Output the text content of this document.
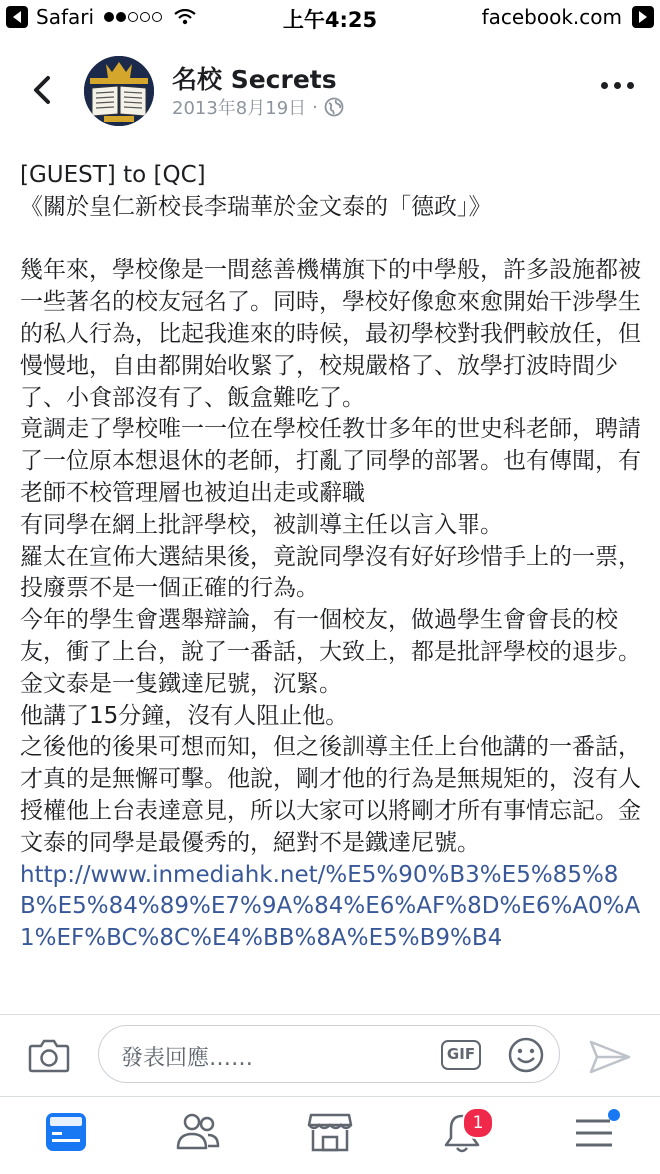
Safari	上午4:25	facebook.com
名校 Secrets
2013年8月19日 ·

[GUEST] to [QC]

《關於皇仁新校長李瑞華於金文泰的「德政」》

幾年來，學校像是一間慈善機構旗下的中學般，許多設施都被一些著名的校友冠名了。同時，學校好像愈來愈開始干涉學生的私人行為，比起我進來的時候，最初學校對我們較放任，但慢慢地，自由都開始收緊了，校規嚴格了、放學打波時間少了、小食部沒有了、飯盒難吃了。

竟調走了學校唯一一位在學校任教廿多年的世史科老師，聘請了一位原本想退休的老師，打亂了同學的部署。也有傳聞，有老師不校管理層也被迫出走或辭職

有同學在網上批評學校，被訓導主任以言入罪。

羅太在宣佈大選結果後，竟說同學沒有好好珍惜手上的一票，投廢票不是一個正確的行為。

今年的學生會選舉辯論，有一個校友，做過學生會會長的校友，衝了上台，說了一番話，大致上，都是批評學校的退步。金文泰是一隻鐵達尼號，沉緊。

他講了15分鐘，沒有人阻止他。

之後他的後果可想而知，但之後訓導主任上台他講的一番話，才真的是無懈可擊。他說，剛才他的行為是無規矩的，沒有人授權他上台表達意見，所以大家可以將剛才所有事情忘記。金文泰的同學是最優秀的，絕對不是鐵達尼號。

http://www.inmediahk.net/%E5%90%B3%E5%85%8B%E5%84%89%E7%9A%84%E6%AF%8D%E6%A0%A1%EF%BC%8C%E4%BB%8A%E5%B9%B4
發表回應……	GIF
1
